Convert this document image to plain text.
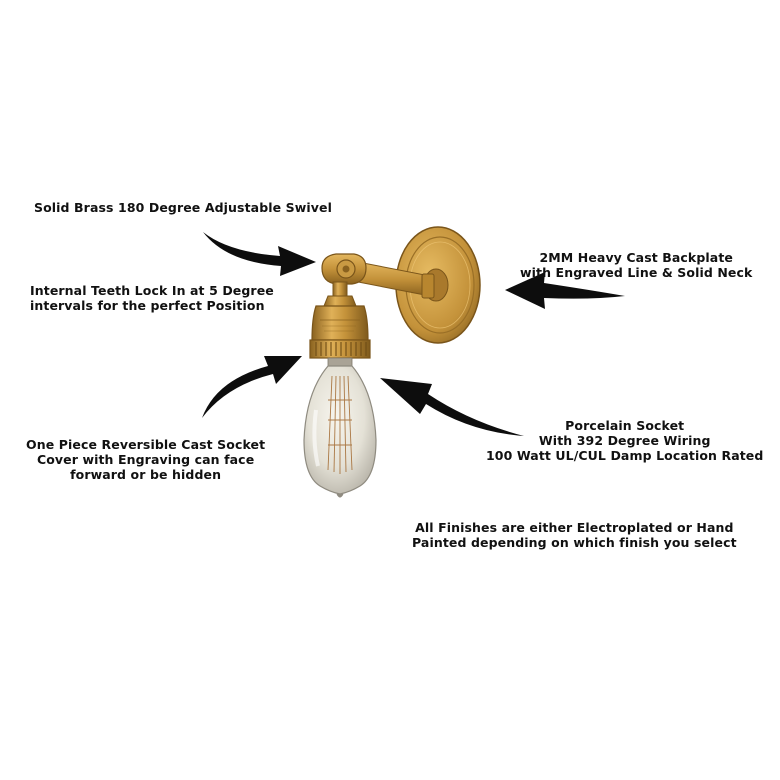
Solid Brass 180 Degree Adjustable Swivel
Internal Teeth Lock In at 5 Degree
intervals for the perfect Position
2MM Heavy Cast Backplate
with Engraved Line & Solid Neck
One Piece Reversible Cast Socket
Cover with Engraving can face
forward or be hidden
Porcelain Socket
With 392 Degree Wiring
100 Watt UL/CUL Damp Location Rated
All Finishes are either Electroplated or Hand
Painted depending on which finish you select
